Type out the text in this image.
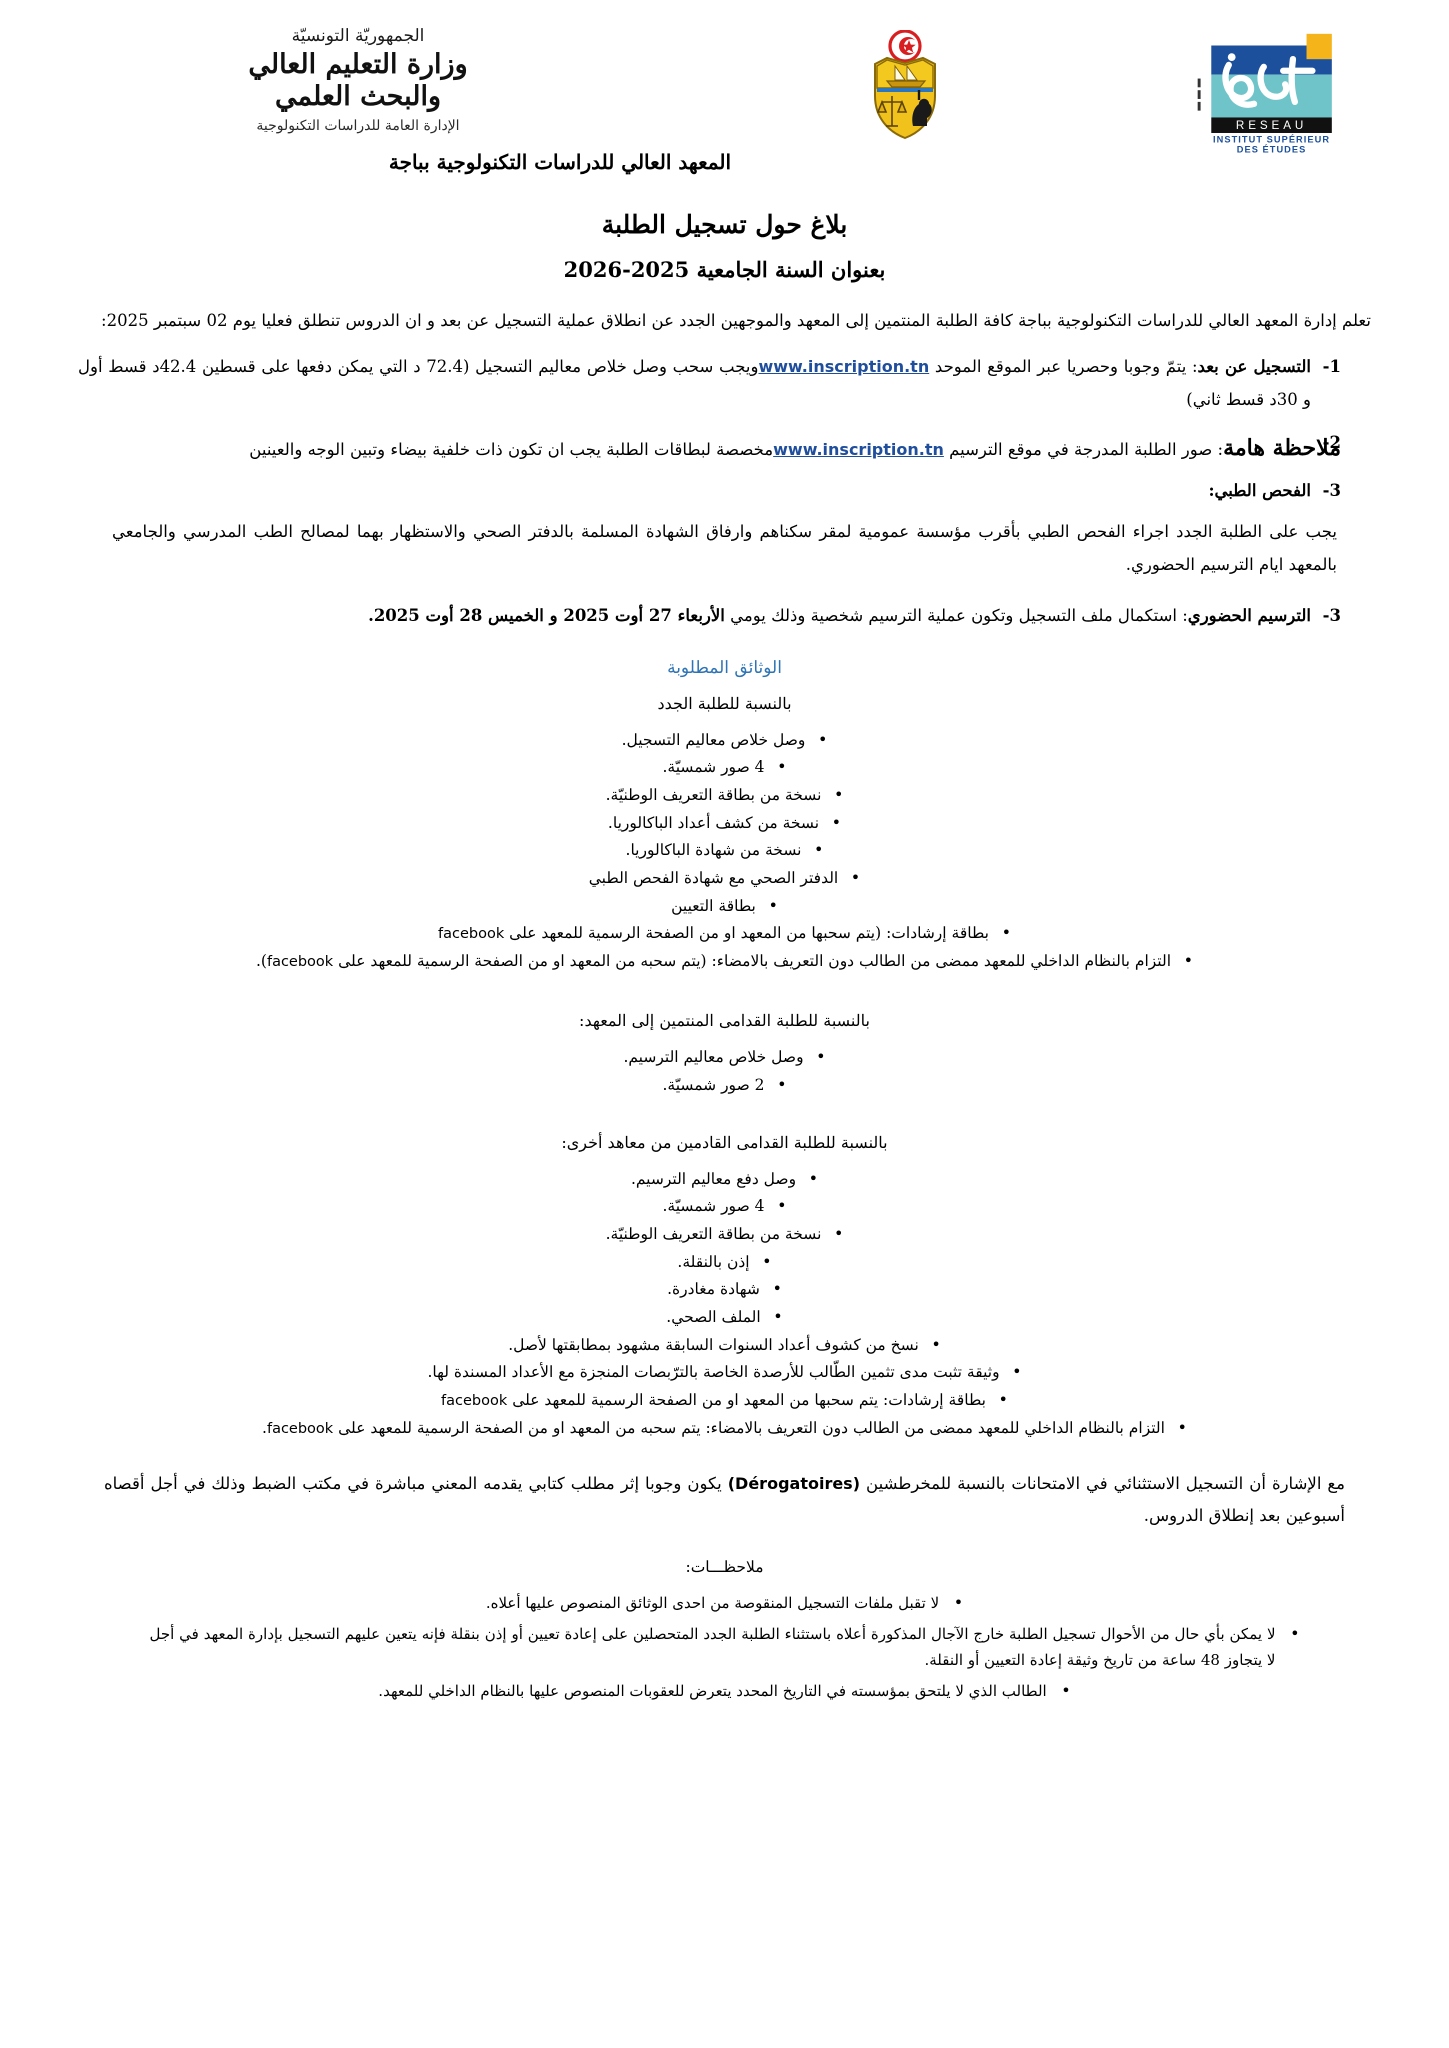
الجمهوريّة التونسيّة
وزارة التعليم العالي
والبحث العلمي
الإدارة العامة للدراسات التكنولوجية	RESEAU
INSTITUT SUPÉRIEUR
DES ÉTUDES
المعهد العالي للدراسات التكنولوجية بباجة
بلاغ حول تسجيل الطلبة
بعنوان السنة الجامعية 2025-2026

تعلم إدارة المعهد العالي للدراسات التكنولوجية بباجة كافة الطلبة المنتمين إلى المعهد والموجهين الجدد عن انطلاق عملية التسجيل عن بعد و ان الدروس تنطلق فعليا يوم 02 سبتمبر 2025:

التسجيل عن بعد: يتمّ وجوبا وحصريا عبر الموقع الموحد www.inscription.tnويجب سحب وصل خلاص معاليم التسجيل (72.4 د التي يمكن دفعها على قسطين 42.4د قسط أول و 30د قسط ثاني)
ملاحظة هامة: صور الطلبة المدرجة في موقع الترسيم www.inscription.tnمخصصة لبطاقات الطلبة يجب ان تكون ذات خلفية بيضاء وتبين الوجه والعينين
الفحص الطبي:

يجب على الطلبة الجدد اجراء الفحص الطبي بأقرب مؤسسة عمومية لمقر سكناهم وارفاق الشهادة المسلمة بالدفتر الصحي والاستظهار بهما لمصالح الطب المدرسي والجامعي بالمعهد ايام الترسيم الحضوري.

الترسيم الحضوري: استكمال ملف التسجيل وتكون عملية الترسيم شخصية وذلك يومي الأربعاء 27 أوت 2025 و الخميس 28 أوت 2025.
الوثائق المطلوبة
بالنسبة للطلبة الجدد
• وصل خلاص معاليم التسجيل.
• 4 صور شمسيّة.
• نسخة من بطاقة التعريف الوطنيّة.
• نسخة من كشف أعداد الباكالوريا.
• نسخة من شهادة الباكالوريا.
• الدفتر الصحي مع شهادة الفحص الطبي
• بطاقة التعيين
• بطاقة إرشادات: (يتم سحبها من المعهد او من الصفحة الرسمية للمعهد على facebook
• التزام بالنظام الداخلي للمعهد ممضى من الطالب دون التعريف بالامضاء: (يتم سحبه من المعهد او من الصفحة الرسمية للمعهد على facebook).
بالنسبة للطلبة القدامى المنتمين إلى المعهد:
• وصل خلاص معاليم الترسيم.
• 2 صور شمسيّة.
بالنسبة للطلبة القدامى القادمين من معاهد أخرى:
• وصل دفع معاليم الترسيم.
• 4 صور شمسيّة.
• نسخة من بطاقة التعريف الوطنيّة.
• إذن بالنقلة.
• شهادة مغادرة.
• الملف الصحي.
• نسخ من كشوف أعداد السنوات السابقة مشهود بمطابقتها لأصل.
• وثيقة تثبت مدى تثمين الطّالب للأرصدة الخاصة بالترّبصات المنجزة مع الأعداد المسندة لها.
• بطاقة إرشادات: يتم سحبها من المعهد او من الصفحة الرسمية للمعهد على facebook
• التزام بالنظام الداخلي للمعهد ممضى من الطالب دون التعريف بالامضاء: يتم سحبه من المعهد او من الصفحة الرسمية للمعهد على facebook.

مع الإشارة أن التسجيل الاستثنائي في الامتحانات بالنسبة للمخرطشين (Dérogatoires) يكون وجوبا إثر مطلب كتابي يقدمه المعني مباشرة في مكتب الضبط وذلك في أجل أقصاه أسبوعين بعد إنطلاق الدروس.

ملاحظـــات:
• لا تقبل ملفات التسجيل المنقوصة من احدى الوثائق المنصوص عليها أعلاه.
• لا يمكن بأي حال من الأحوال تسجيل الطلبة خارج الآجال المذكورة أعلاه باستثناء الطلبة الجدد المتحصلين على إعادة تعيين أو إذن بنقلة فإنه يتعين عليهم التسجيل بإدارة المعهد في أجل لا يتجاوز 48 ساعة من تاريخ وثيقة إعادة التعيين أو النقلة.
• الطالب الذي لا يلتحق بمؤسسته في التاريخ المحدد يتعرض للعقوبات المنصوص عليها بالنظام الداخلي للمعهد.
